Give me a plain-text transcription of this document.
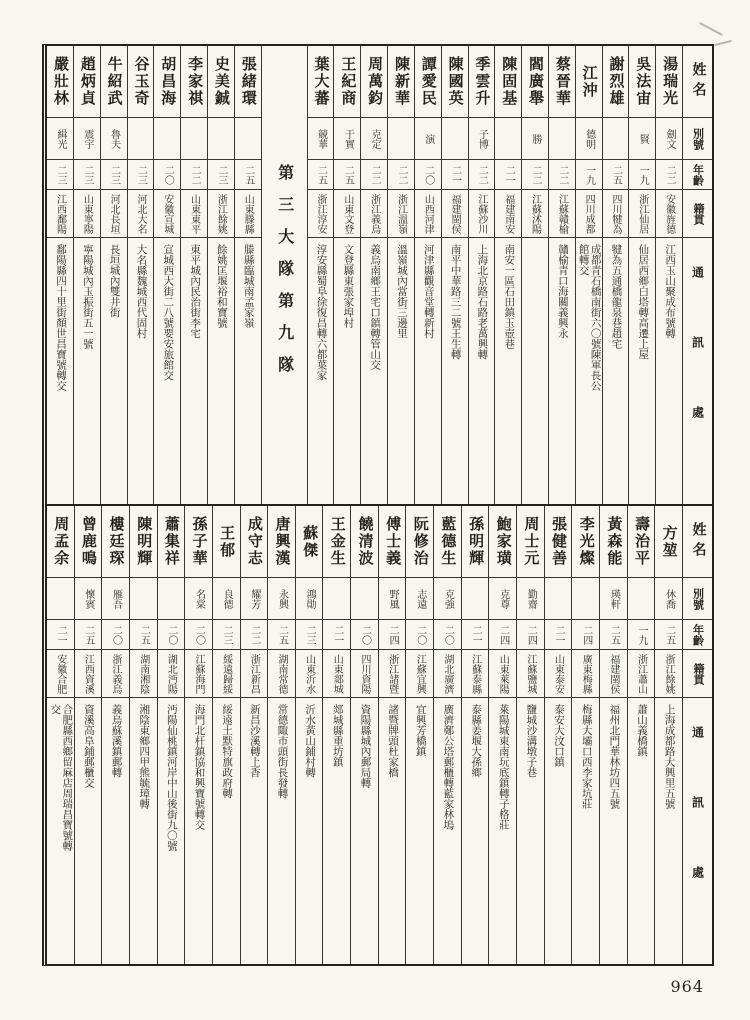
姓名
別號
年齡
籍貫
通訊處
湯瑞光
劍文
二二
安徽旌德
江西玉山聚成布號轉
吳法宙
賢
一九
浙江仙居
仙居西鄉白塔轉高遷上屋
謝烈雄
二五
四川犍為
犍為五通橋龍泉巷趙宅
江沖
德明
一九
四川成都
成都青石橋南街六〇號陳軍長公館轉交
蔡晉華
二二
江蘇贛榆
贛榆青口海關義興永
閻廣舉
勝
二二
江蘇沭陽
陳固基
二一
福建南安
南安一區石田鎮玉壺巷
季雲升
子博
二二
江蘇沙川
上海北京路石路老萬興轉
陳國英
二一
福建閩侯
南平中華路三二號王生轉
譚愛民
演
二〇
山西河津
河津縣觀音堂轉新村
陳新華
二二
浙江溫嶺
溫嶺城內當街三邊里
周萬鈞
克定
二二
浙江義烏
義烏南鄉王宅口鎮轉管山交
王紀商
于實
二五
山東文登
文登縣東張家埠村
葉大蕃
競華
二五
浙江淳安
淳安縣蜀阜徐復昌轉六都葉家
第三大隊第九隊
張緒環
二五
山東滕縣
滕縣臨城南孟家嶺
史美鋮
二三
浙江餘姚
餘姚匡堰裕和寶號
李家祺
二二
山東東平
東平城內民治街李宅
胡昌海
二〇
安徽宣城
宣城西大街二八號要安旅館交
谷玉奇
二三
河北大名
大名縣魏城西代固村
牛紹武
魯夫
二三
河北長垣
長垣城內雙井街
趙炳貞
震宇
二三
山東寧陽
寧陽城內玉振街五一號
嚴壯林
緝光
二三
江西鄱陽
鄱陽縣四十里街顏世昌寶號轉交
姓名
別號
年齡
籍貫
通訊處
方堃
休喬
二五
浙江餘姚
上海成都路大興里五號
壽治平
一九
浙江蕭山
蕭山義橋鎮
黃森能
瑛軒
二五
福建閩侯
福州北門華林坊四五號
李光燦
二四
廣東梅縣
梅縣大壩口西李家坑莊
張健善
二一
山東泰安
泰安大汶口鎮
周士元
勤齋
二四
江蘇鹽城
鹽城沙溝墩子巷
鮑家璜
克尊
二四
山東萊陽
萊陽城東南玩底鎮轉子格莊
孫明輝
二一
江蘇泰縣
泰縣姜堰大孫鄉
藍德生
克強
二〇
湖北廣濟
廣濟鄭公塔郵櫃轉藍家林塢
阮修治
志遠
二〇
江蘇宜興
宜興芳橋鎮
傅士義
野風
二四
浙江諸暨
諸暨牌頭杜家橋
饒清波
二〇
四川資陽
資陽縣城內郵局轉
王金生
二一
山東郯城
郯城縣重坊鎮
蘇傑
鴻勛
二三
山東沂水
沂水黃山鋪村轉
唐興漢
永興
二五
湖南常德
常德陬市頭街長發轉
成守志
耀芳
二二
浙江新昌
新昌沙溪轉上香
王郁
良德
二三
綏遠歸綏
綏遠土默特旗政府轉
孫子華
名棠
二〇
江蘇海門
海門北杆鎮協和興寶號轉交
蕭集祥
二〇
湖北沔陽
沔陽仙桃鎮河岸中山後街九〇號
陳明輝
二五
湖南湘陰
湘陰東鄉四甲熊毓璋轉
樓廷琛
雁吾
二〇
浙江義烏
義烏蘇溪鎮郵轉
曾鹿鳴
懷賓
二五
江西資溪
資溪高阜鋪郵櫃交
周孟余
二一
安徽合肥
合肥縣西鄉留麻店周瑞昌寶號轉交
964
